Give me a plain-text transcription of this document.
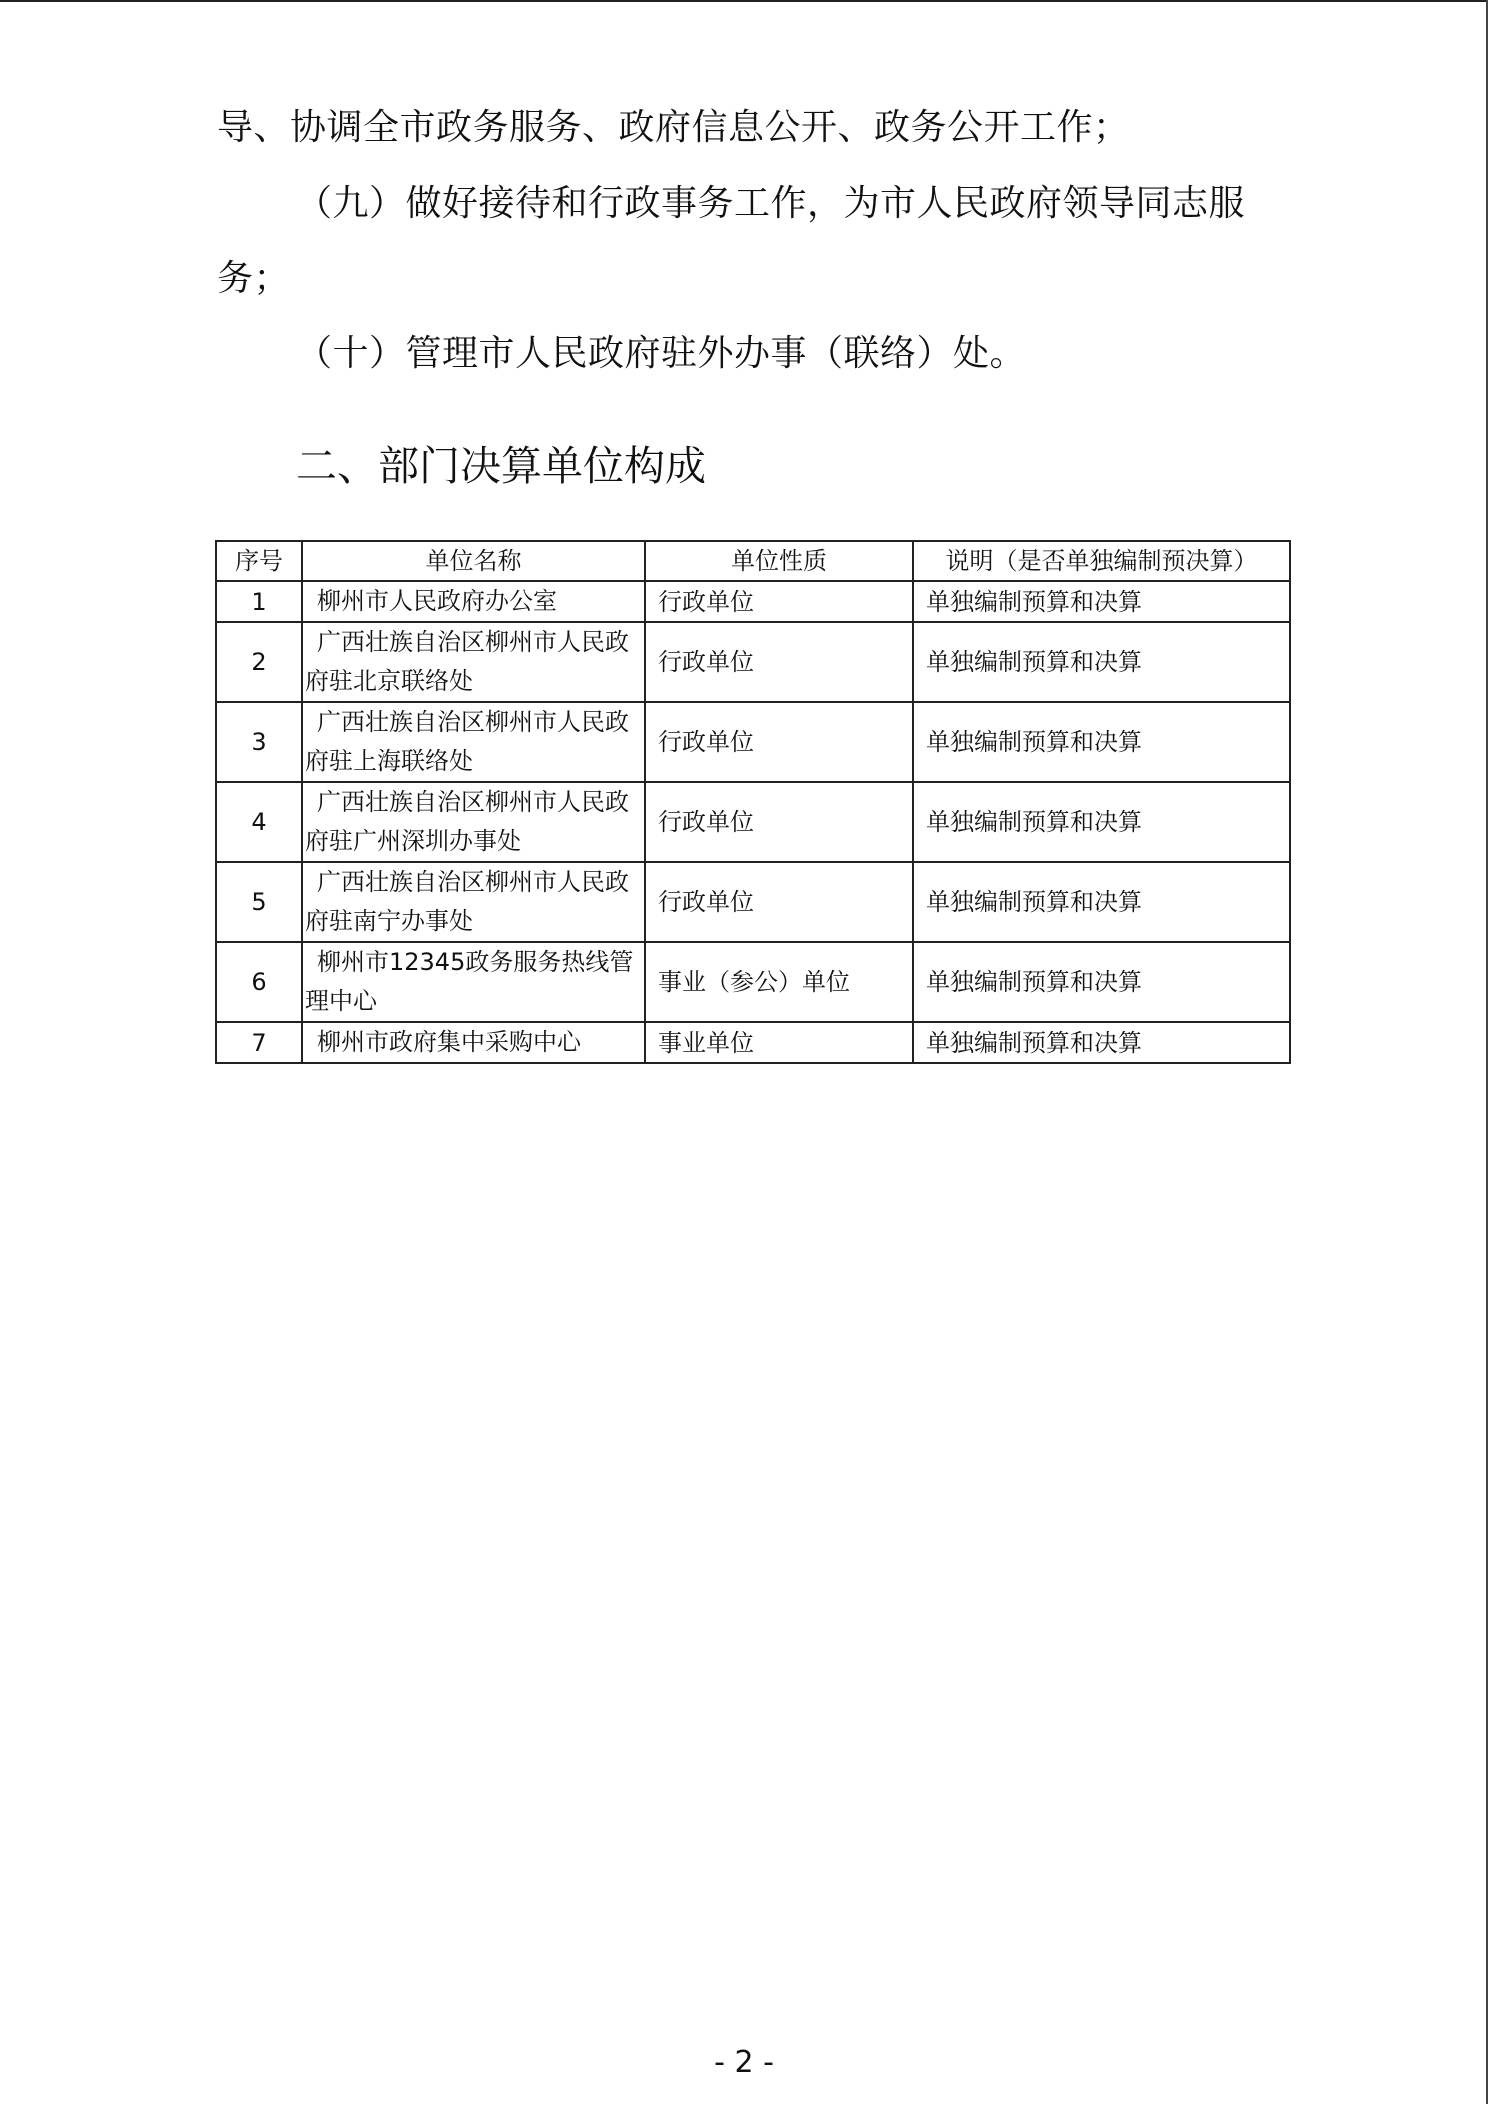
导、协调全市政务服务、政府信息公开、政务公开工作；
（九）做好接待和行政事务工作，为市人民政府领导同志服
务；
（十）管理市人民政府驻外办事（联络）处。
二、部门决算单位构成
序号	单位名称	单位性质	说明（是否单独编制预决算）
1	柳州市人民政府办公室	行政单位	单独编制预算和决算
2	广西壮族自治区柳州市人民政府驻北京联络处	行政单位	单独编制预算和决算
3	广西壮族自治区柳州市人民政府驻上海联络处	行政单位	单独编制预算和决算
4	广西壮族自治区柳州市人民政府驻广州深圳办事处	行政单位	单独编制预算和决算
5	广西壮族自治区柳州市人民政府驻南宁办事处	行政单位	单独编制预算和决算
6	柳州市12345政务服务热线管理中心	事业（参公）单位	单独编制预算和决算
7	柳州市政府集中采购中心	事业单位	单独编制预算和决算
- 2 -
